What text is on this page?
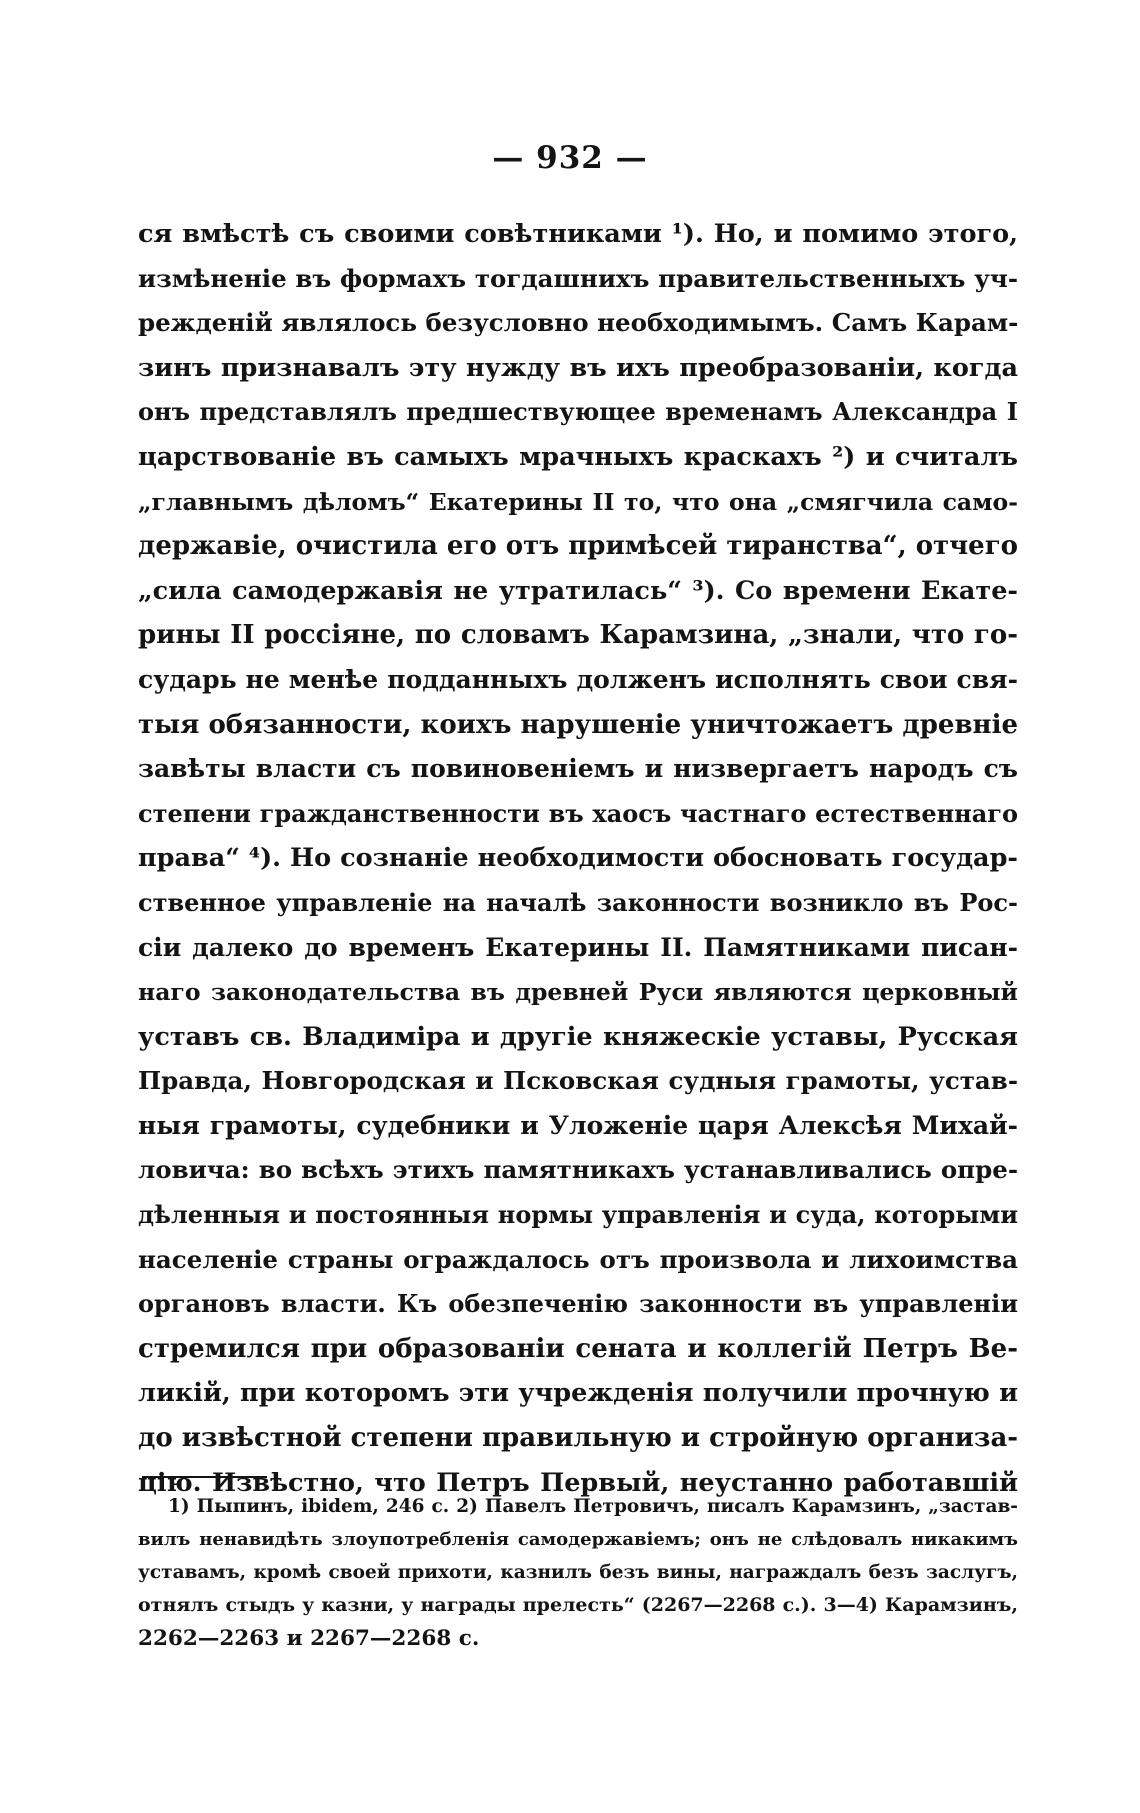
— 932 —
ся вмѣстѣ съ своими совѣтниками ¹). Но, и помимо этого,
измѣненіе въ формахъ тогдашнихъ правительственныхъ уч-
режденій являлось безусловно необходимымъ. Самъ Карам-
зинъ признавалъ эту нужду въ ихъ преобразованіи, когда
онъ представлялъ предшествующее временамъ Александра I
царствованіе въ самыхъ мрачныхъ краскахъ ²) и считалъ
„главнымъ дѣломъ“ Екатерины II то, что она „смягчила само-
державіе, очистила его отъ примѣсей тиранства“, отчего
„сила самодержавія не утратилась“ ³). Со времени Екате-
рины II россіяне, по словамъ Карамзина, „знали, что го-
сударь не менѣе подданныхъ долженъ исполнять свои свя-
тыя обязанности, коихъ нарушеніе уничтожаетъ древніе
завѣты власти съ повиновеніемъ и низвергаетъ народъ съ
степени гражданственности въ хаосъ частнаго естественнаго
права“ ⁴). Но сознаніе необходимости обосновать государ-
ственное управленіе на началѣ законности возникло въ Рос-
сіи далеко до временъ Екатерины II. Памятниками писан-
наго законодательства въ древней Руси являются церковный
уставъ св. Владиміра и другіе княжескіе уставы, Русская
Правда, Новгородская и Псковская судныя грамоты, устав-
ныя грамоты, судебники и Уложеніе царя Алексѣя Михай-
ловича: во всѣхъ этихъ памятникахъ устанавливались опре-
дѣленныя и постоянныя нормы управленія и суда, которыми
населеніе страны ограждалось отъ произвола и лихоимства
органовъ власти. Къ обезпеченію законности въ управленіи
стремился при образованіи сената и коллегій Петръ Ве-
ликій, при которомъ эти учрежденія получили прочную и
до извѣстной степени правильную и стройную организа-
цію. Извѣстно, что Петръ Первый, неустанно работавшій
1) Пыпинъ, ibidem, 246 с. 2) Павелъ Петровичъ, писалъ Карамзинъ, „застав-
вилъ ненавидѣть злоупотребленія самодержавіемъ; онъ не слѣдовалъ никакимъ
уставамъ, кромѣ своей прихоти, казнилъ безъ вины, награждалъ безъ заслугъ,
отнялъ стыдъ у казни, у награды прелесть“ (2267—2268 с.). 3—4) Карамзинъ,
2262—2263 и 2267—2268 с.
